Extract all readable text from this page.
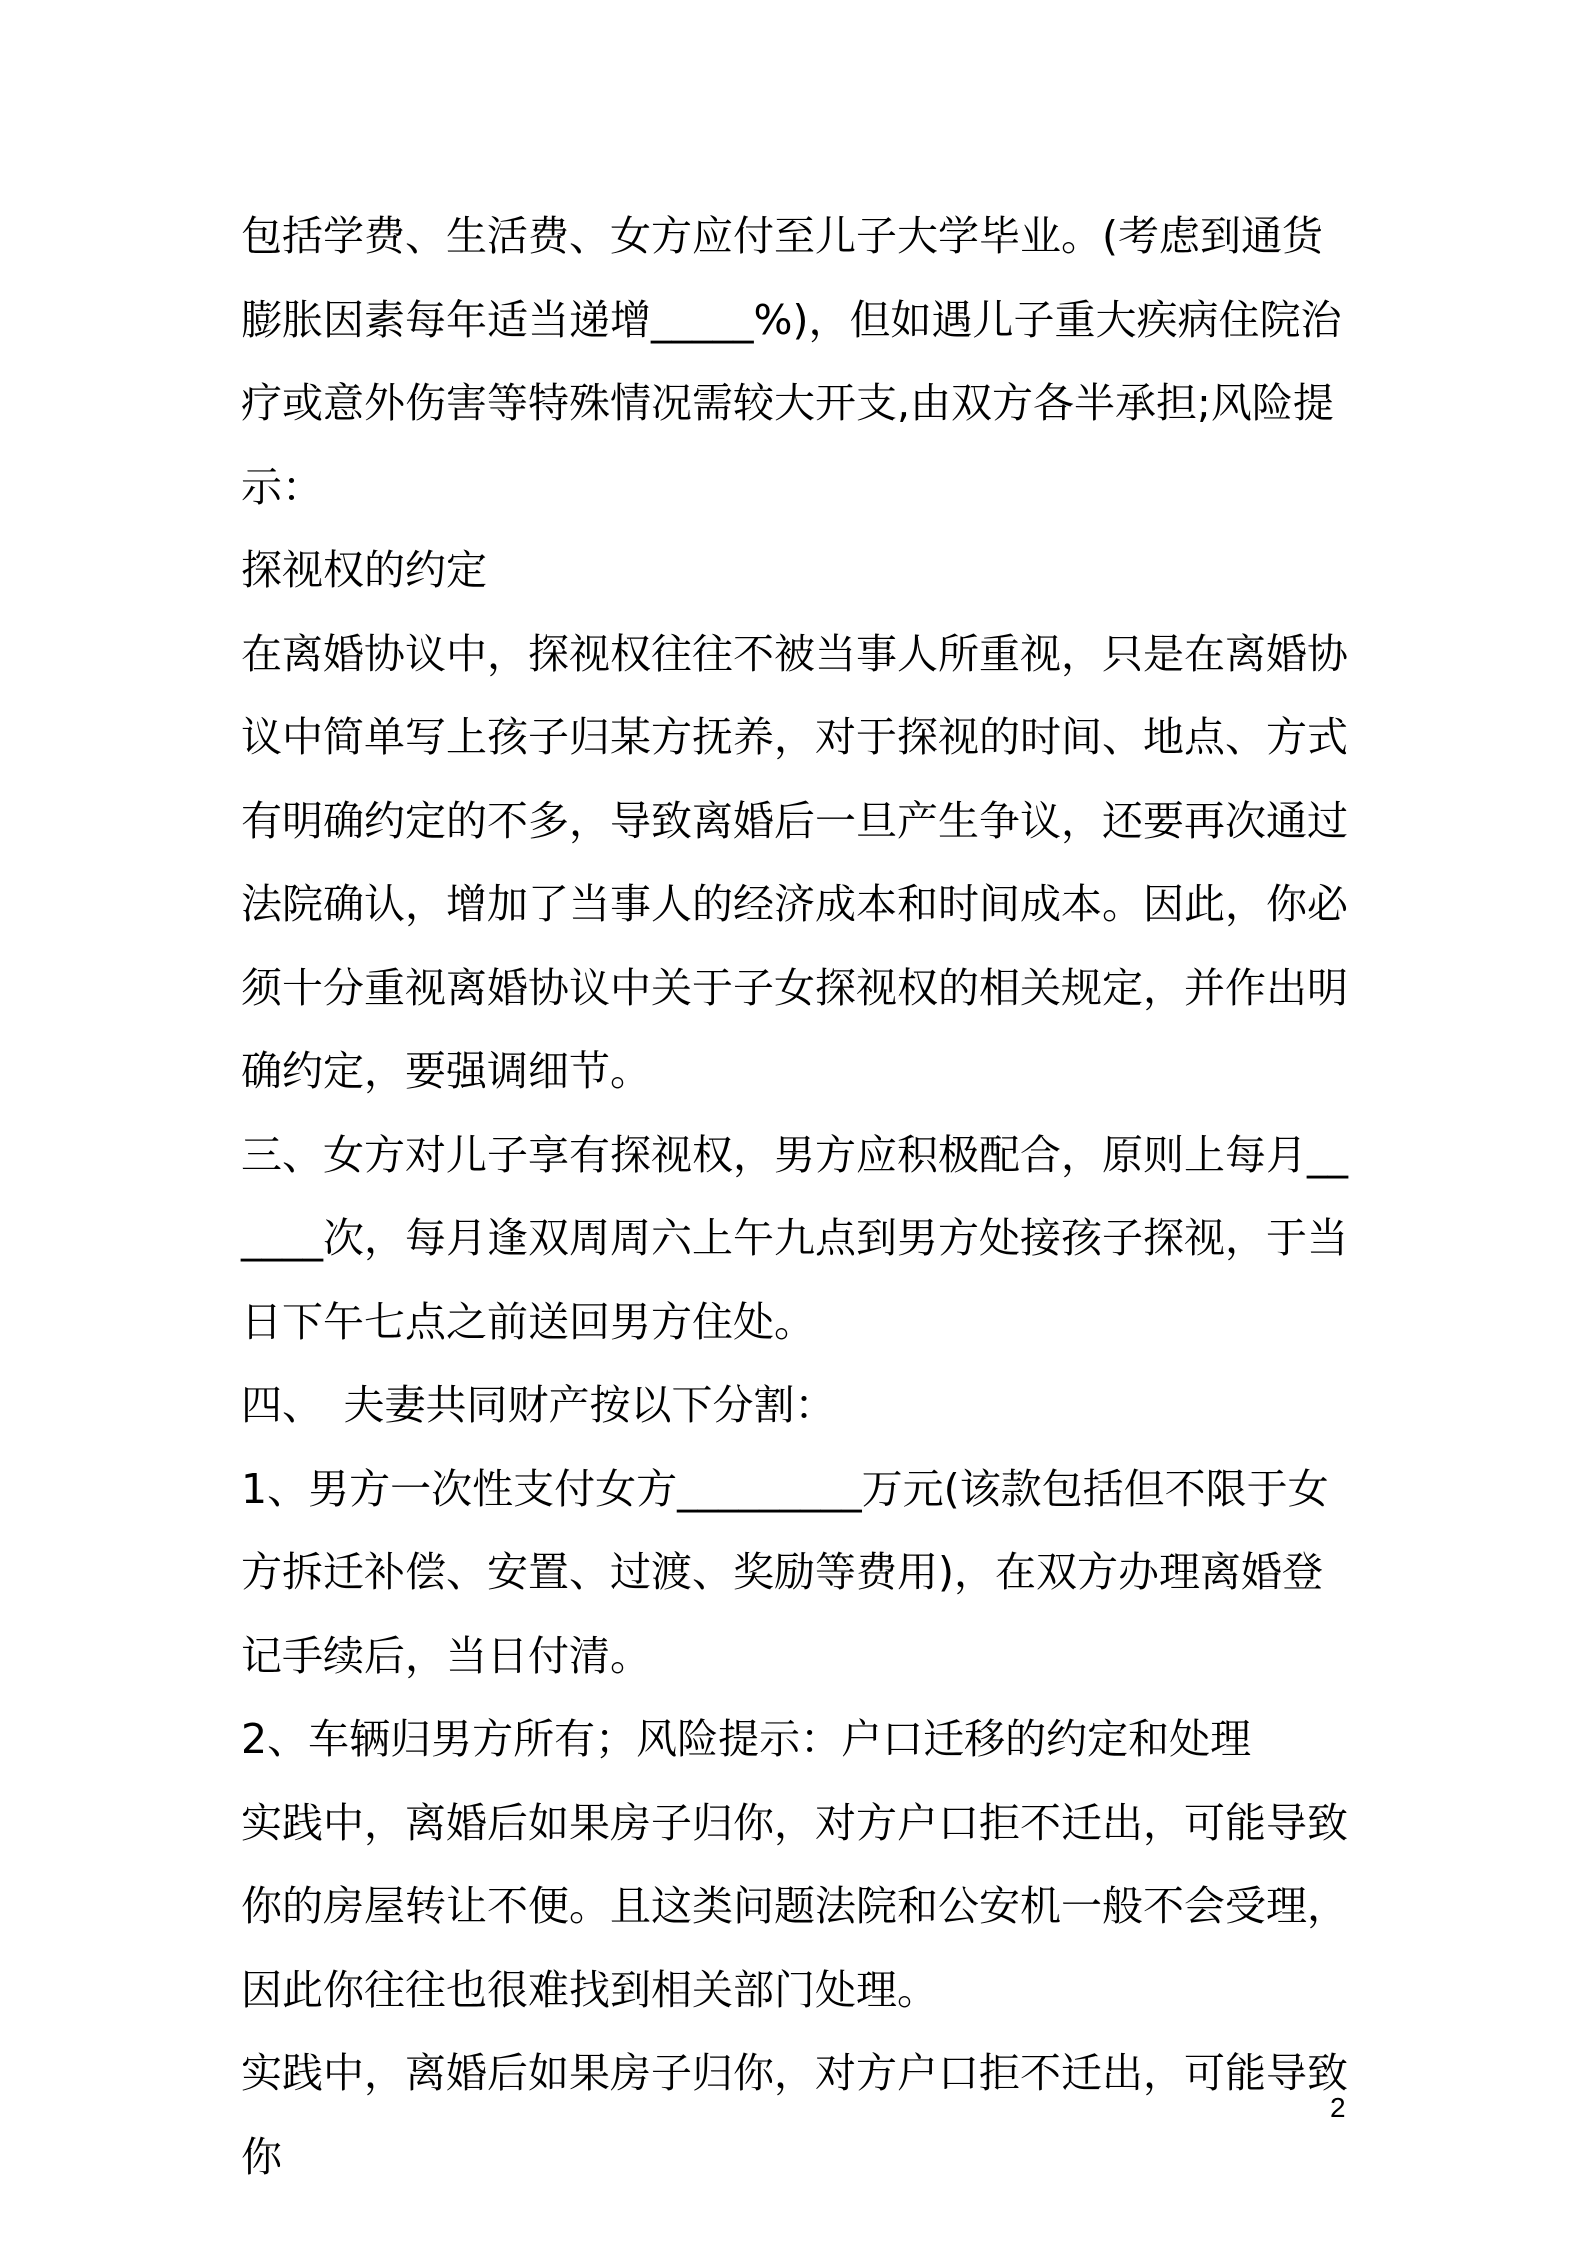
包括学费、生活费、女方应付至儿子大学毕业。(考虑到通货膨胀因素每年适当递增_____%)，但如遇儿子重大疾病住院治疗或意外伤害等特殊情况需较大开支,由双方各半承担;风险提示：

探视权的约定

在离婚协议中，探视权往往不被当事人所重视，只是在离婚协议中简单写上孩子归某方抚养，对于探视的时间、地点、方式有明确约定的不多，导致离婚后一旦产生争议，还要再次通过法院确认，增加了当事人的经济成本和时间成本。因此，你必须十分重视离婚协议中关于子女探视权的相关规定，并作出明确约定，要强调细节。

三、女方对儿子享有探视权，男方应积极配合，原则上每月______次，每月逢双周周六上午九点到男方处接孩子探视，于当日下午七点之前送回男方住处。

四、　夫妻共同财产按以下分割：

1、男方一次性支付女方_________万元(该款包括但不限于女方拆迁补偿、安置、过渡、奖励等费用)，在双方办理离婚登记手续后，当日付清。

2、车辆归男方所有；风险提示：户口迁移的约定和处理

实践中，离婚后如果房子归你，对方户口拒不迁出，可能导致你的房屋转让不便。且这类问题法院和公安机一般不会受理，因此你往往也很难找到相关部门处理。

实践中，离婚后如果房子归你，对方户口拒不迁出，可能导致你

2
